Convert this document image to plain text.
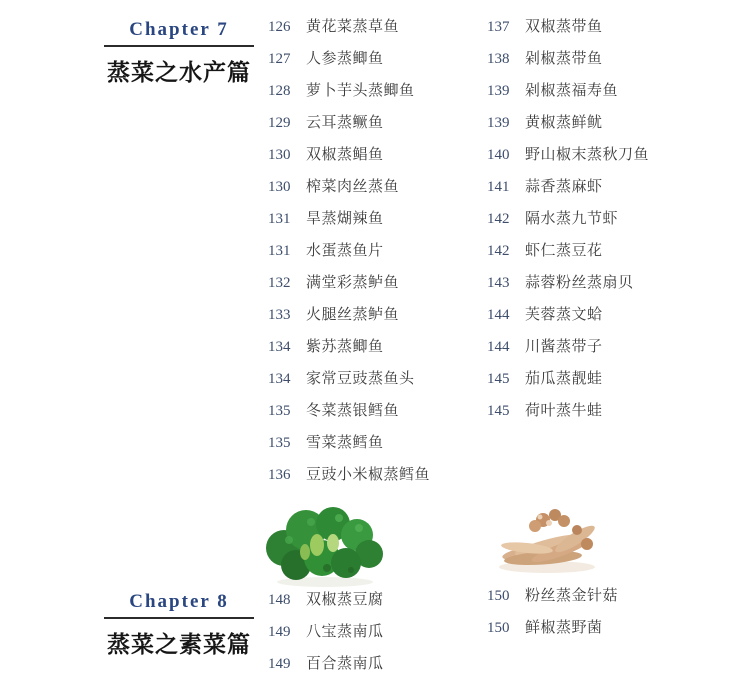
Chapter 7
蒸菜之水产篇
126	黄花菜蒸草鱼
127	人参蒸鲫鱼
128	萝卜芋头蒸鲫鱼
129	云耳蒸鳜鱼
130	双椒蒸鲳鱼
130	榨菜肉丝蒸鱼
131	旱蒸煳辣鱼
131	水蛋蒸鱼片
132	满堂彩蒸鲈鱼
133	火腿丝蒸鲈鱼
134	紫苏蒸鲫鱼
134	家常豆豉蒸鱼头
135	冬菜蒸银鳕鱼
135	雪菜蒸鳕鱼
136	豆豉小米椒蒸鳕鱼
137	双椒蒸带鱼
138	剁椒蒸带鱼
139	剁椒蒸福寿鱼
139	黄椒蒸鲜鱿
140	野山椒末蒸秋刀鱼
141	蒜香蒸麻虾
142	隔水蒸九节虾
142	虾仁蒸豆花
143	蒜蓉粉丝蒸扇贝
144	芙蓉蒸文蛤
144	川酱蒸带子
145	茄瓜蒸靓蛙
145	荷叶蒸牛蛙
Chapter 8
蒸菜之素菜篇
148	双椒蒸豆腐
149	八宝蒸南瓜
149	百合蒸南瓜
150	粉丝蒸金针菇
150	鲜椒蒸野菌
